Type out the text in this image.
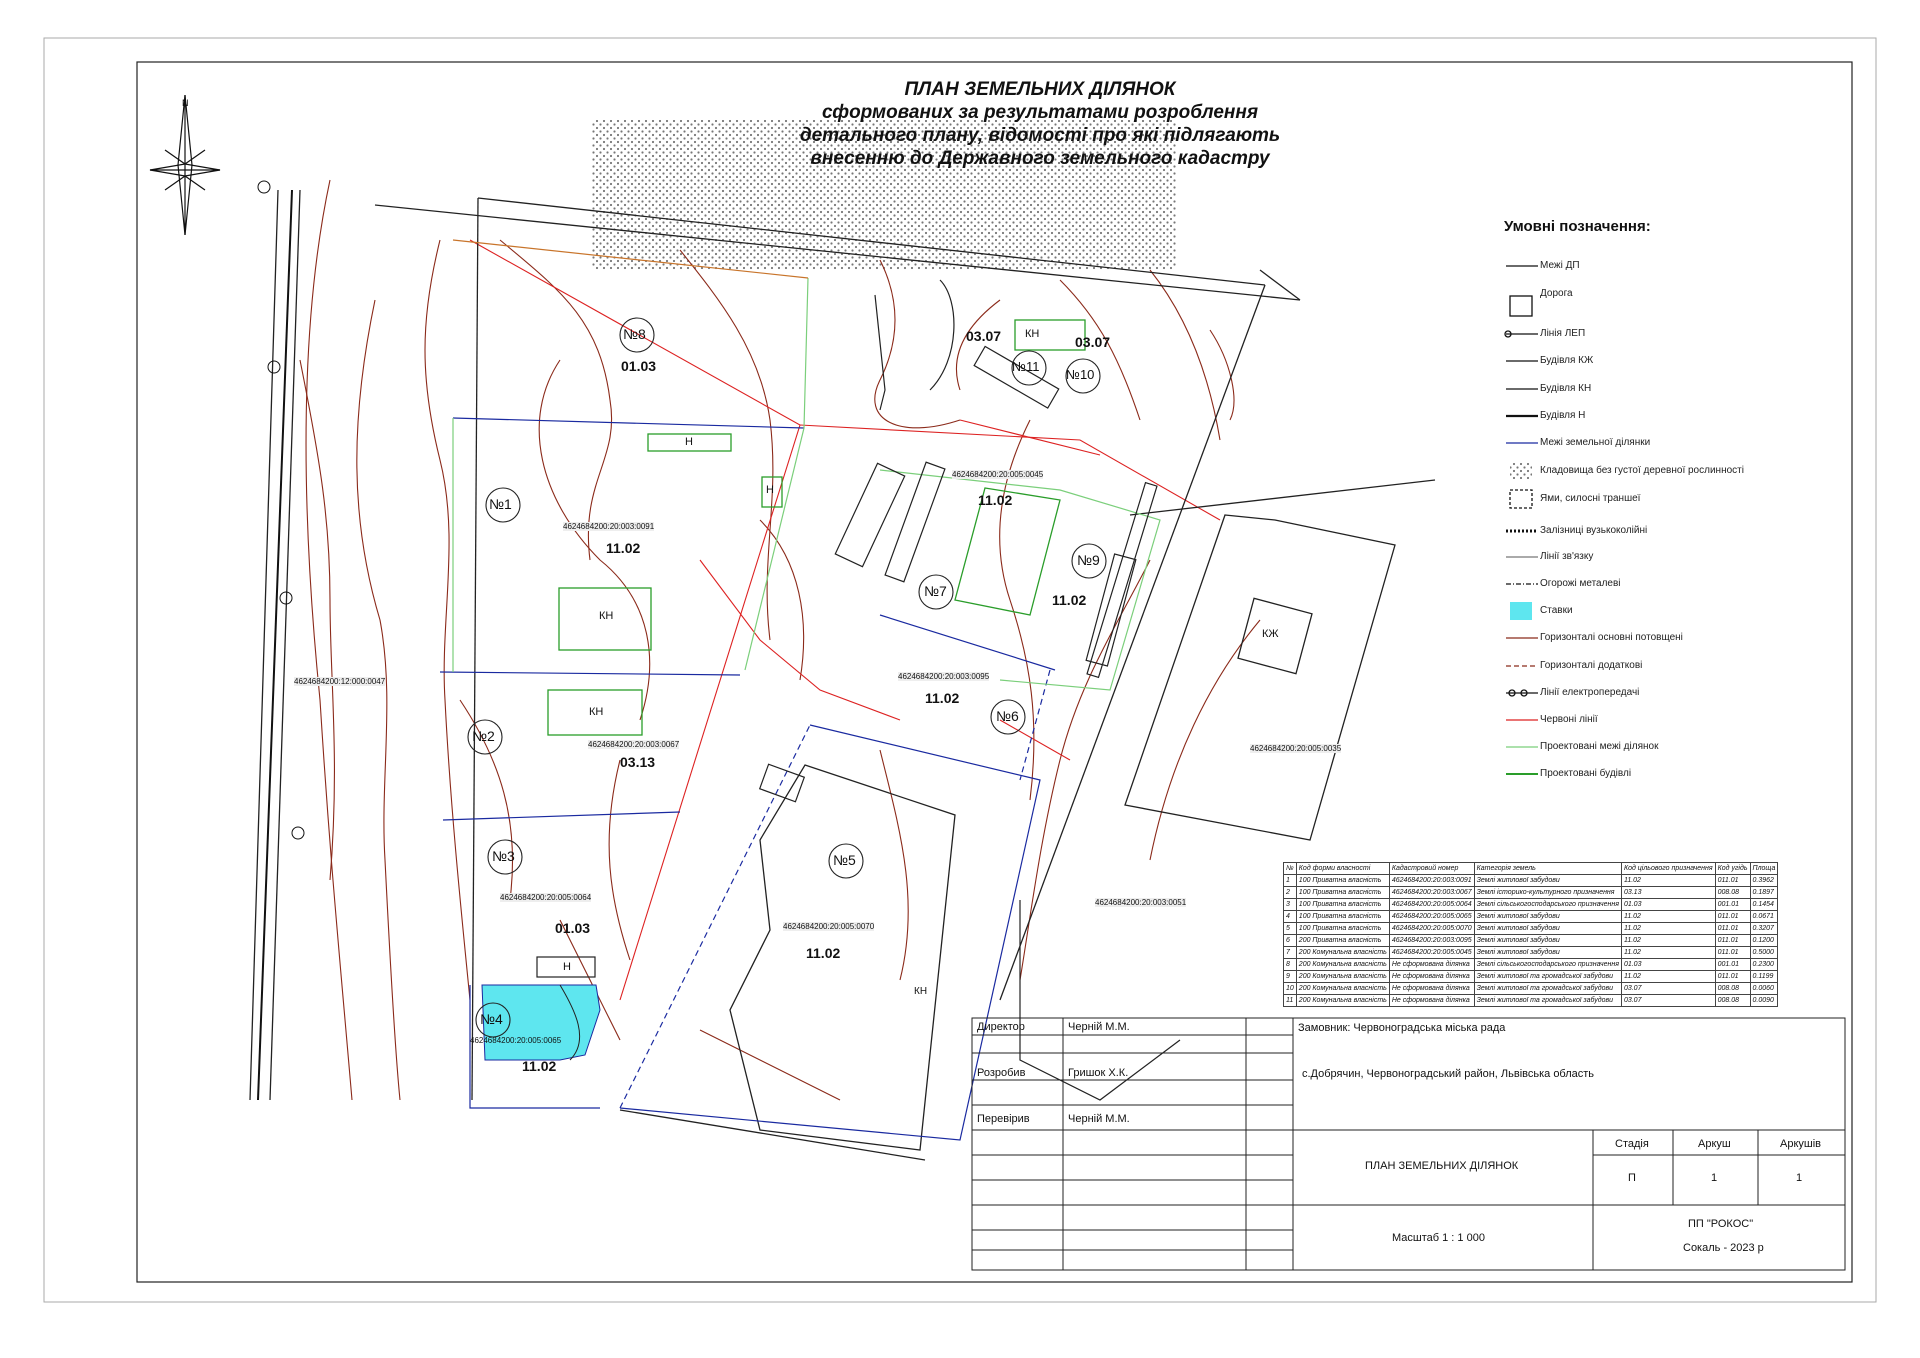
ПЛАН ЗЕМЕЛЬНИХ ДІЛЯНОК
сформованих за результатами розроблення
детального плану, відомості про які підлягають
внесенню до Державного земельного кадастру
N
№8
01.03
№1
4624684200:20:003:0091
11.02
№2
4624684200:20:003:0067
03.13
№3
4624684200:20:005:0064
01.03
№4
4624684200:20:005:0065
11.02
№5
4624684200:20:005:0070
11.02
№6
№7
4624684200:20:005:0045
11.02
№9
11.02
№10
03.07
№11
03.07
4624684200:20:003:0095
11.02
4624684200:12:000:0047
4624684200:20:005:0035
4624684200:20:003:0051
КН
КН
Н
Н
Н
КН
КЖ
КН
Умовні позначення:
Межі ДП
Дорога
Лінія ЛЕП
Будівля КЖ
Будівля КН
Будівля Н
Межі земельної ділянки
Кладовища без густої деревної рослинності
Ями, силосні траншеї
Залізниці вузькоколійні
Лінії зв'язку
Огорожі металеві
Ставки
Горизонталі основні потовщені
Горизонталі додаткові
Лінії електропередачі
Червоні лінії
Проектовані межі ділянок
Проектовані будівлі
№	Код форми власності	Кадастровий номер	Категорія земель	Код цільового призначення	Код угідь	Площа
1	100 Приватна власність	4624684200:20:003:0091	Землі житлової забудови	11.02	011.01	0.3962
2	100 Приватна власність	4624684200:20:003:0067	Землі історико-культурного призначення	03.13	008.08	0.1897
3	100 Приватна власність	4624684200:20:005:0064	Землі сільськогосподарського призначення	01.03	001.01	0.1454
4	100 Приватна власність	4624684200:20:005:0065	Землі житлової забудови	11.02	011.01	0.0671
5	100 Приватна власність	4624684200:20:005:0070	Землі житлової забудови	11.02	011.01	0.3207
6	200 Приватна власність	4624684200:20:003:0095	Землі житлової забудови	11.02	011.01	0.1200
7	200 Комунальна власність	4624684200:20:005:0045	Землі житлової забудови	11.02	011.01	0.5000
8	200 Комунальна власність	Не сформована ділянка	Землі сільськогосподарського призначення	01.03	001.01	0.2300
9	200 Комунальна власність	Не сформована ділянка	Землі житлової та громадської забудови	11.02	011.01	0.1199
10	200 Комунальна власність	Не сформована ділянка	Землі житлової та громадської забудови	03.07	008.08	0.0060
11	200 Комунальна власність	Не сформована ділянка	Землі житлової та громадської забудови	03.07	008.08	0.0090
Директор	Черній М.М.
Розробив	Гришок Х.К.
Перевірив	Черній М.М.
Замовник: Червоноградська міська рада
с.Добрячин, Червоноградський район, Львівська область
ПЛАН ЗЕМЕЛЬНИХ ДІЛЯНОК
Стадія	Аркуш	Аркушів
П	1	1
Масштаб 1 : 1 000
ПП "РОКОС"
Сокаль - 2023 р
